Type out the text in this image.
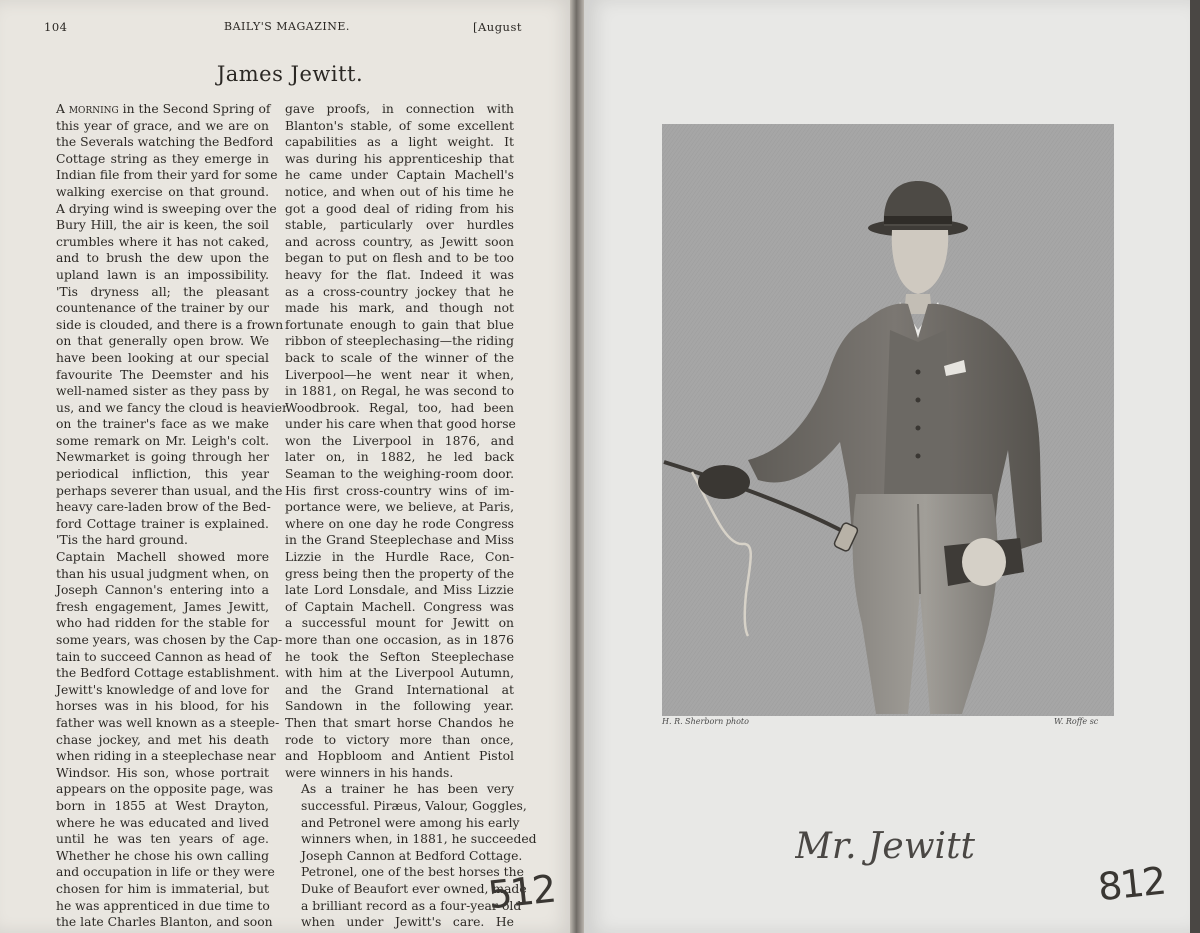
104	BAILY'S MAGAZINE.	[August
James Jewitt.

A morning in the Second Spring of
this year of grace, and we are on
the Severals watching the Bedford
Cottage string as they emerge in
Indian file from their yard for some
walking exercise on that ground.
A drying wind is sweeping over the
Bury Hill, the air is keen, the soil
crumbles where it has not caked,
and to brush the dew upon the
upland lawn is an impossibility.
'Tis dryness all; the pleasant
countenance of the trainer by our
side is clouded, and there is a frown
on that generally open brow. We
have been looking at our special
favourite The Deemster and his
well-named sister as they pass by
us, and we fancy the cloud is heavier
on the trainer's face as we make
some remark on Mr. Leigh's colt.
Newmarket is going through her
periodical infliction, this year
perhaps severer than usual, and the
heavy care-laden brow of the Bed-
ford Cottage trainer is explained.
'Tis the hard ground.

Captain Machell showed more
than his usual judgment when, on
Joseph Cannon's entering into a
fresh engagement, James Jewitt,
who had ridden for the stable for
some years, was chosen by the Cap-
tain to succeed Cannon as head of
the Bedford Cottage establishment.
Jewitt's knowledge of and love for
horses was in his blood, for his
father was well known as a steeple-
chase jockey, and met his death
when riding in a steeplechase near
Windsor. His son, whose portrait
appears on the opposite page, was
born in 1855 at West Drayton,
where he was educated and lived
until he was ten years of age.
Whether he chose his own calling
and occupation in life or they were
chosen for him is immaterial, but
he was apprenticed in due time to
the late Charles Blanton, and soon

gave proofs, in connection with
Blanton's stable, of some excellent
capabilities as a light weight. It
was during his apprenticeship that
he came under Captain Machell's
notice, and when out of his time he
got a good deal of riding from his
stable, particularly over hurdles
and across country, as Jewitt soon
began to put on flesh and to be too
heavy for the flat. Indeed it was
as a cross-country jockey that he
made his mark, and though not
fortunate enough to gain that blue
ribbon of steeplechasing—the riding
back to scale of the winner of the
Liverpool—he went near it when,
in 1881, on Regal, he was second to
Woodbrook. Regal, too, had been
under his care when that good horse
won the Liverpool in 1876, and
later on, in 1882, he led back
Seaman to the weighing-room door.
His first cross-country wins of im-
portance were, we believe, at Paris,
where on one day he rode Congress
in the Grand Steeplechase and Miss
Lizzie in the Hurdle Race, Con-
gress being then the property of the
late Lord Lonsdale, and Miss Lizzie
of Captain Machell. Congress was
a successful mount for Jewitt on
more than one occasion, as in 1876
he took the Sefton Steeplechase
with him at the Liverpool Autumn,
and the Grand International at
Sandown in the following year.
Then that smart horse Chandos he
rode to victory more than once,
and Hopbloom and Antient Pistol
were winners in his hands.

As a trainer he has been very
successful. Piræus, Valour, Goggles,
and Petronel were among his early
winners when, in 1881, he succeeded
Joseph Cannon at Bedford Cottage.
Petronel, one of the best horses the
Duke of Beaufort ever owned, made
a brilliant record as a four-year-old
when under Jewitt's care. He

512
H. R. Sherborn photo	W. Roffe sc
Mr. Jewitt
812
